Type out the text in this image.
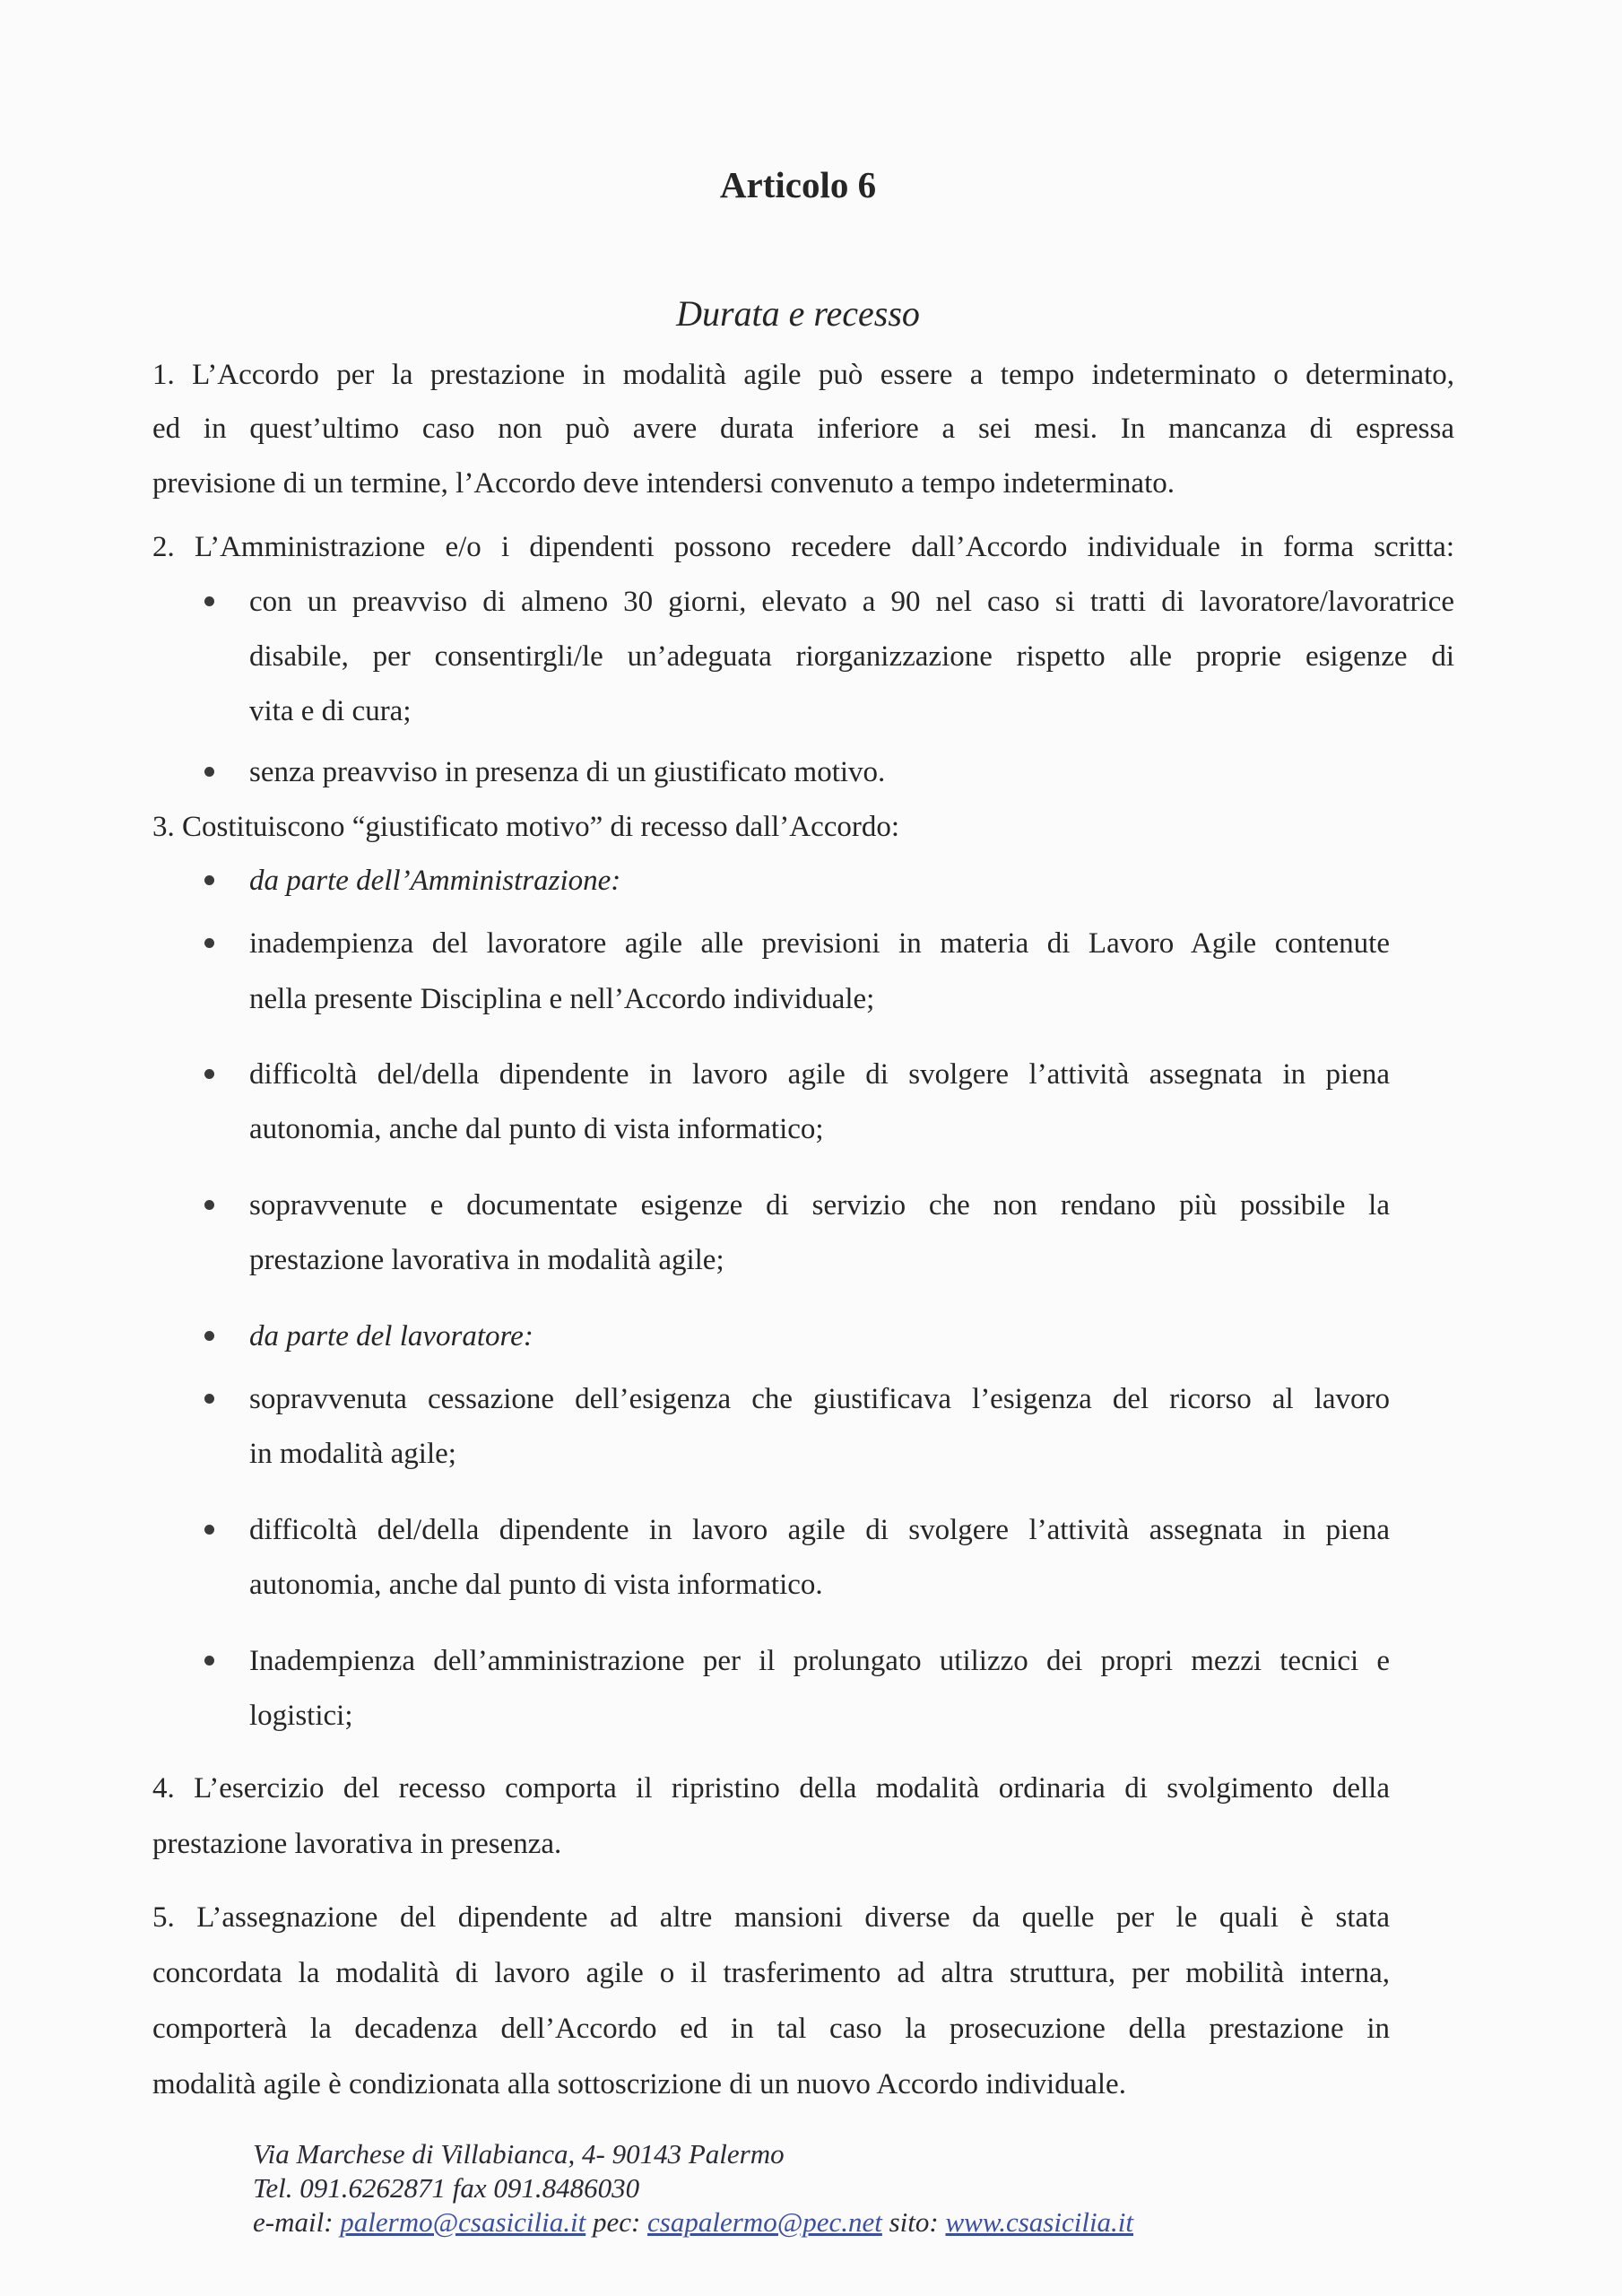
Articolo 6
Durata e recesso
1. L’Accordo per la prestazione in modalità agile può essere a tempo indeterminato o determinato,
ed in quest’ultimo caso non può avere durata inferiore a sei mesi. In mancanza di espressa
previsione di un termine, l’Accordo deve intendersi convenuto a tempo indeterminato.
2. L’Amministrazione e/o i dipendenti possono recedere dall’Accordo individuale in forma scritta:
con un preavviso di almeno 30 giorni, elevato a 90 nel caso si tratti di lavoratore/lavoratrice
disabile, per consentirgli/le un’adeguata riorganizzazione rispetto alle proprie esigenze di
vita e di cura;
senza preavviso in presenza di un giustificato motivo.
3. Costituiscono “giustificato motivo” di recesso dall’Accordo:
da parte dell’Amministrazione:
inadempienza del lavoratore agile alle previsioni in materia di Lavoro Agile contenute
nella presente Disciplina e nell’Accordo individuale;
difficoltà del/della dipendente in lavoro agile di svolgere l’attività assegnata in piena
autonomia, anche dal punto di vista informatico;
sopravvenute e documentate esigenze di servizio che non rendano più possibile la
prestazione lavorativa in modalità agile;
da parte del lavoratore:
sopravvenuta cessazione dell’esigenza che giustificava l’esigenza del ricorso al lavoro
in modalità agile;
difficoltà del/della dipendente in lavoro agile di svolgere l’attività assegnata in piena
autonomia, anche dal punto di vista informatico.
Inadempienza dell’amministrazione per il prolungato utilizzo dei propri mezzi tecnici e
logistici;
4. L’esercizio del recesso comporta il ripristino della modalità ordinaria di svolgimento della
prestazione lavorativa in presenza.
5. L’assegnazione del dipendente ad altre mansioni diverse da quelle per le quali è stata
concordata la modalità di lavoro agile o il trasferimento ad altra struttura, per mobilità interna,
comporterà la decadenza dell’Accordo ed in tal caso la prosecuzione della prestazione in
modalità agile è condizionata alla sottoscrizione di un nuovo Accordo individuale.
Via Marchese di Villabianca, 4- 90143 Palermo
Tel. 091.6262871 fax 091.8486030
e-mail: palermo@csasicilia.it pec: csapalermo@pec.net sito: www.csasicilia.it
